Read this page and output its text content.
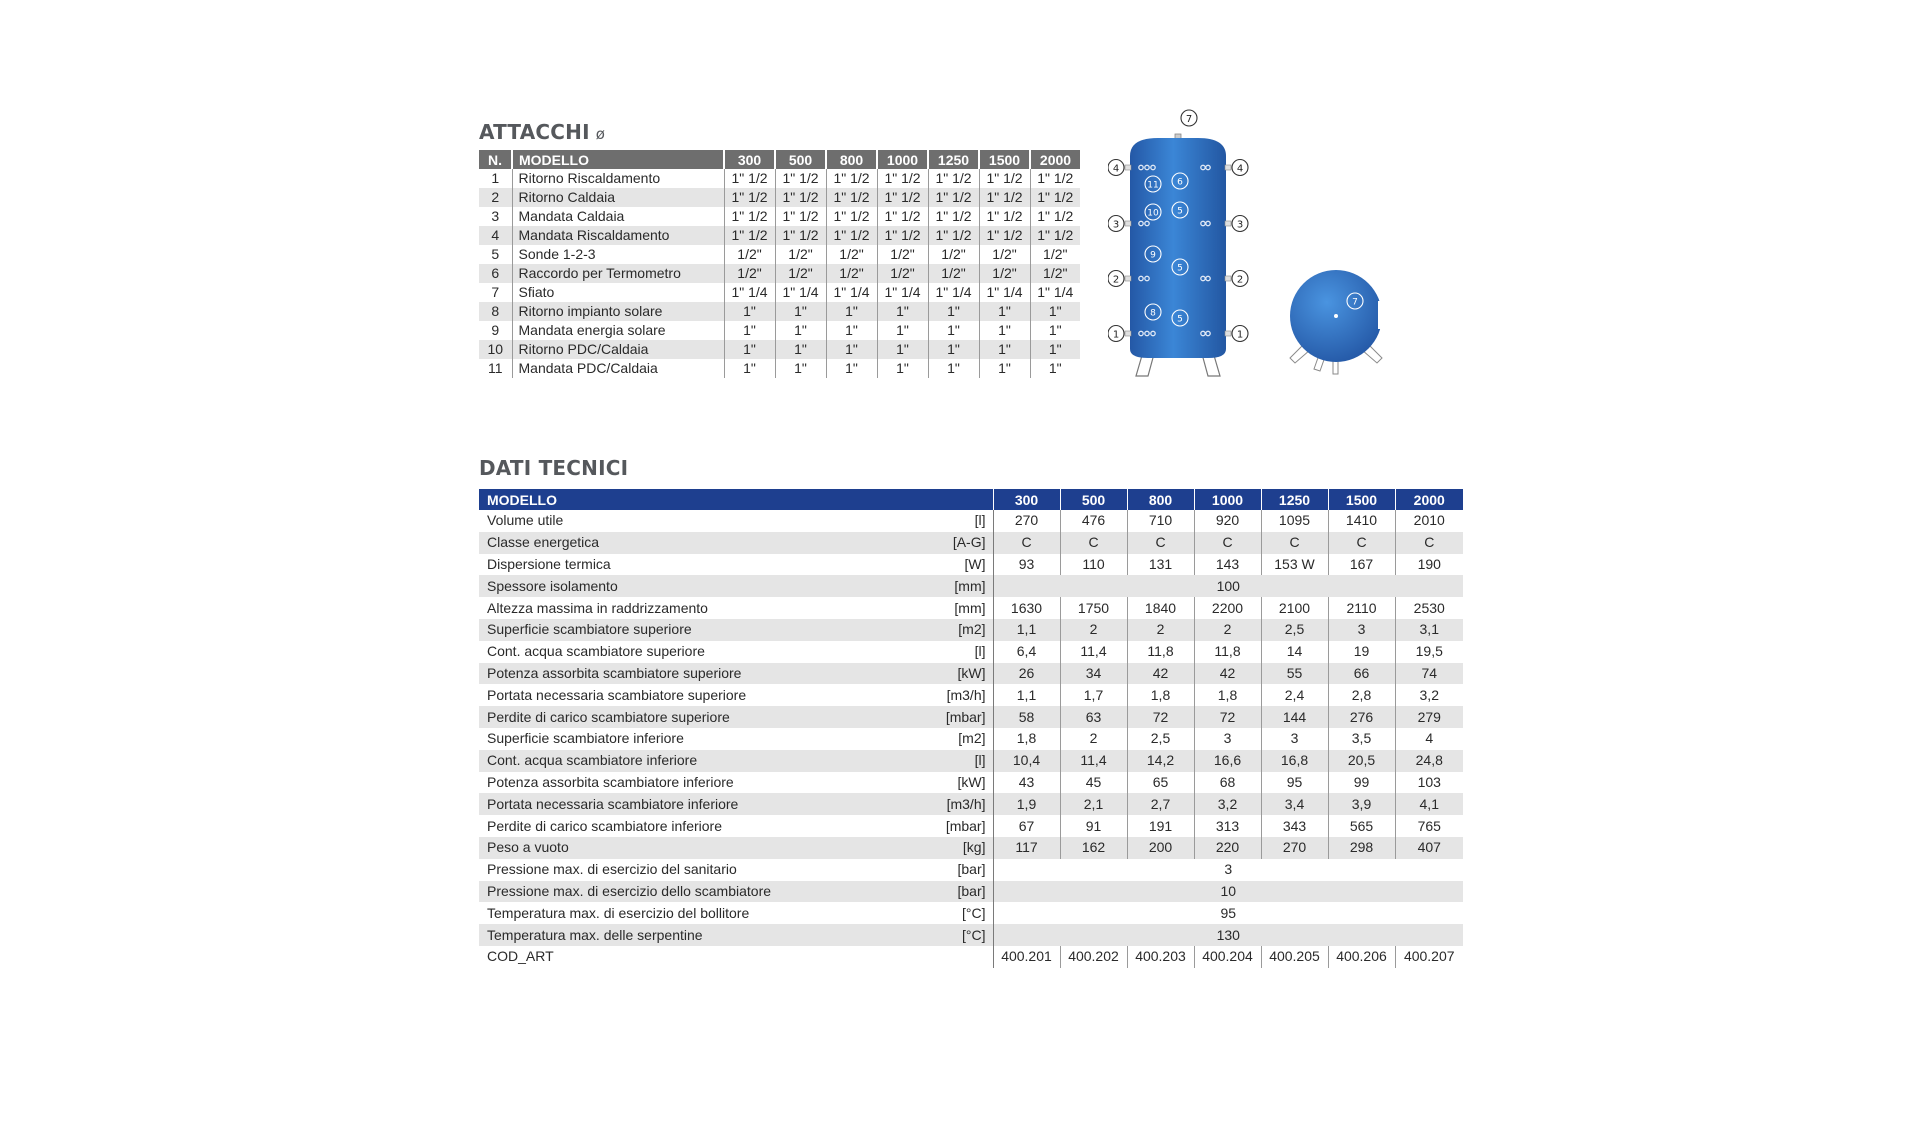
ATTACCHI ø
N.	MODELLO	300	500	800	1000	1250	1500	2000
1	Ritorno Riscaldamento	1" 1/2	1" 1/2	1" 1/2	1" 1/2	1" 1/2	1" 1/2	1" 1/2
2	Ritorno Caldaia	1" 1/2	1" 1/2	1" 1/2	1" 1/2	1" 1/2	1" 1/2	1" 1/2
3	Mandata Caldaia	1" 1/2	1" 1/2	1" 1/2	1" 1/2	1" 1/2	1" 1/2	1" 1/2
4	Mandata Riscaldamento	1" 1/2	1" 1/2	1" 1/2	1" 1/2	1" 1/2	1" 1/2	1" 1/2
5	Sonde 1-2-3	1/2"	1/2"	1/2"	1/2"	1/2"	1/2"	1/2"
6	Raccordo per Termometro	1/2"	1/2"	1/2"	1/2"	1/2"	1/2"	1/2"
7	Sfiato	1" 1/4	1" 1/4	1" 1/4	1" 1/4	1" 1/4	1" 1/4	1" 1/4
8	Ritorno impianto solare	1"	1"	1"	1"	1"	1"	1"
9	Mandata energia solare	1"	1"	1"	1"	1"	1"	1"
10	Ritorno PDC/Caldaia	1"	1"	1"	1"	1"	1"	1"
11	Mandata PDC/Caldaia	1"	1"	1"	1"	1"	1"	1"
11 6
10 5
9
5
8
5
7
4	4
3	3
2	2
1	1
7
DATI TECNICI
MODELLO		300	500	800	1000	1250	1500	2000
Volume utile	[l]	270	476	710	920	1095	1410	2010
Classe energetica	[A-G]	C	C	C	C	C	C	C
Dispersione termica	[W]	93	110	131	143	153 W	167	190
Spessore isolamento	[mm]	100						
Altezza massima in raddrizzamento	[mm]	1630	1750	1840	2200	2100	2110	2530
Superficie scambiatore superiore	[m2]	1,1	2	2	2	2,5	3	3,1
Cont. acqua scambiatore superiore	[l]	6,4	11,4	11,8	11,8	14	19	19,5
Potenza assorbita scambiatore superiore	[kW]	26	34	42	42	55	66	74
Portata necessaria scambiatore superiore	[m3/h]	1,1	1,7	1,8	1,8	2,4	2,8	3,2
Perdite di carico scambiatore superiore	[mbar]	58	63	72	72	144	276	279
Superficie scambiatore inferiore	[m2]	1,8	2	2,5	3	3	3,5	4
Cont. acqua scambiatore inferiore	[l]	10,4	11,4	14,2	16,6	16,8	20,5	24,8
Potenza assorbita scambiatore inferiore	[kW]	43	45	65	68	95	99	103
Portata necessaria scambiatore inferiore	[m3/h]	1,9	2,1	2,7	3,2	3,4	3,9	4,1
Perdite di carico scambiatore inferiore	[mbar]	67	91	191	313	343	565	765
Peso a vuoto	[kg]	117	162	200	220	270	298	407
Pressione max. di esercizio del sanitario	[bar]	3						
Pressione max. di esercizio dello scambiatore	[bar]	10						
Temperatura max. di esercizio del bollitore	[°C]	95						
Temperatura max. delle serpentine	[°C]	130						
COD_ART		400.201	400.202	400.203	400.204	400.205	400.206	400.207
